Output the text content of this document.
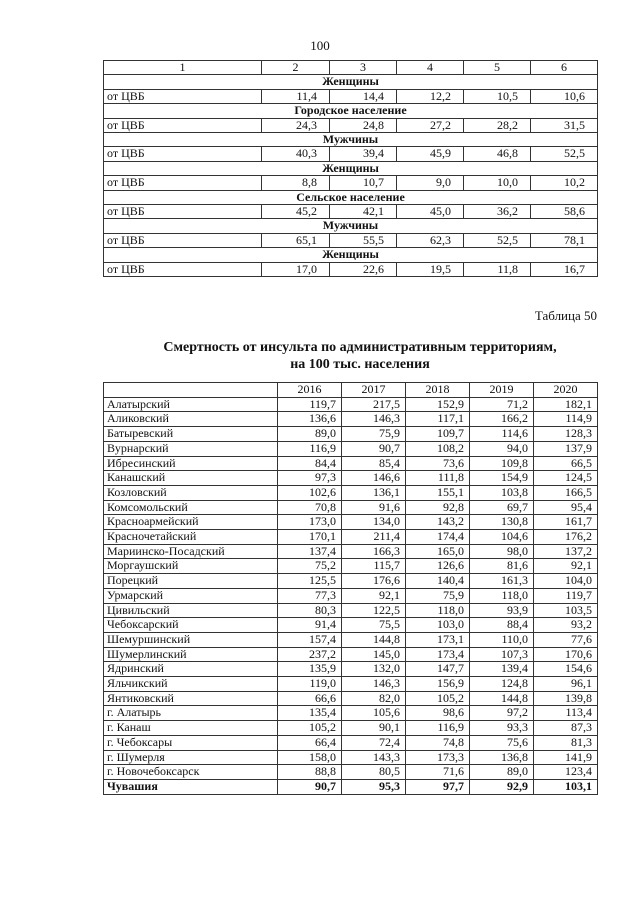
100
1	2	3	4	5	6
Женщины					
от ЦВБ	11,4	14,4	12,2	10,5	10,6
Городское население					
от ЦВБ	24,3	24,8	27,2	28,2	31,5
Мужчины					
от ЦВБ	40,3	39,4	45,9	46,8	52,5
Женщины					
от ЦВБ	8,8	10,7	9,0	10,0	10,2
Сельское население					
от ЦВБ	45,2	42,1	45,0	36,2	58,6
Мужчины					
от ЦВБ	65,1	55,5	62,3	52,5	78,1
Женщины					
от ЦВБ	17,0	22,6	19,5	11,8	16,7
Таблица 50
Смертность от инсульта по административным территориям,
на 100 тыс. населения
	2016	2017	2018	2019	2020
Алатырский	119,7	217,5	152,9	71,2	182,1
Аликовский	136,6	146,3	117,1	166,2	114,9
Батыревский	89,0	75,9	109,7	114,6	128,3
Вурнарский	116,9	90,7	108,2	94,0	137,9
Ибресинский	84,4	85,4	73,6	109,8	66,5
Канашский	97,3	146,6	111,8	154,9	124,5
Козловский	102,6	136,1	155,1	103,8	166,5
Комсомольский	70,8	91,6	92,8	69,7	95,4
Красноармейский	173,0	134,0	143,2	130,8	161,7
Красночетайский	170,1	211,4	174,4	104,6	176,2
Мариинско-Посадский	137,4	166,3	165,0	98,0	137,2
Моргаушский	75,2	115,7	126,6	81,6	92,1
Порецкий	125,5	176,6	140,4	161,3	104,0
Урмарский	77,3	92,1	75,9	118,0	119,7
Цивильский	80,3	122,5	118,0	93,9	103,5
Чебоксарский	91,4	75,5	103,0	88,4	93,2
Шемуршинский	157,4	144,8	173,1	110,0	77,6
Шумерлинский	237,2	145,0	173,4	107,3	170,6
Ядринский	135,9	132,0	147,7	139,4	154,6
Яльчикский	119,0	146,3	156,9	124,8	96,1
Янтиковский	66,6	82,0	105,2	144,8	139,8
г. Алатырь	135,4	105,6	98,6	97,2	113,4
г. Канаш	105,2	90,1	116,9	93,3	87,3
г. Чебоксары	66,4	72,4	74,8	75,6	81,3
г. Шумерля	158,0	143,3	173,3	136,8	141,9
г. Новочебоксарск	88,8	80,5	71,6	89,0	123,4
Чувашия	90,7	95,3	97,7	92,9	103,1
